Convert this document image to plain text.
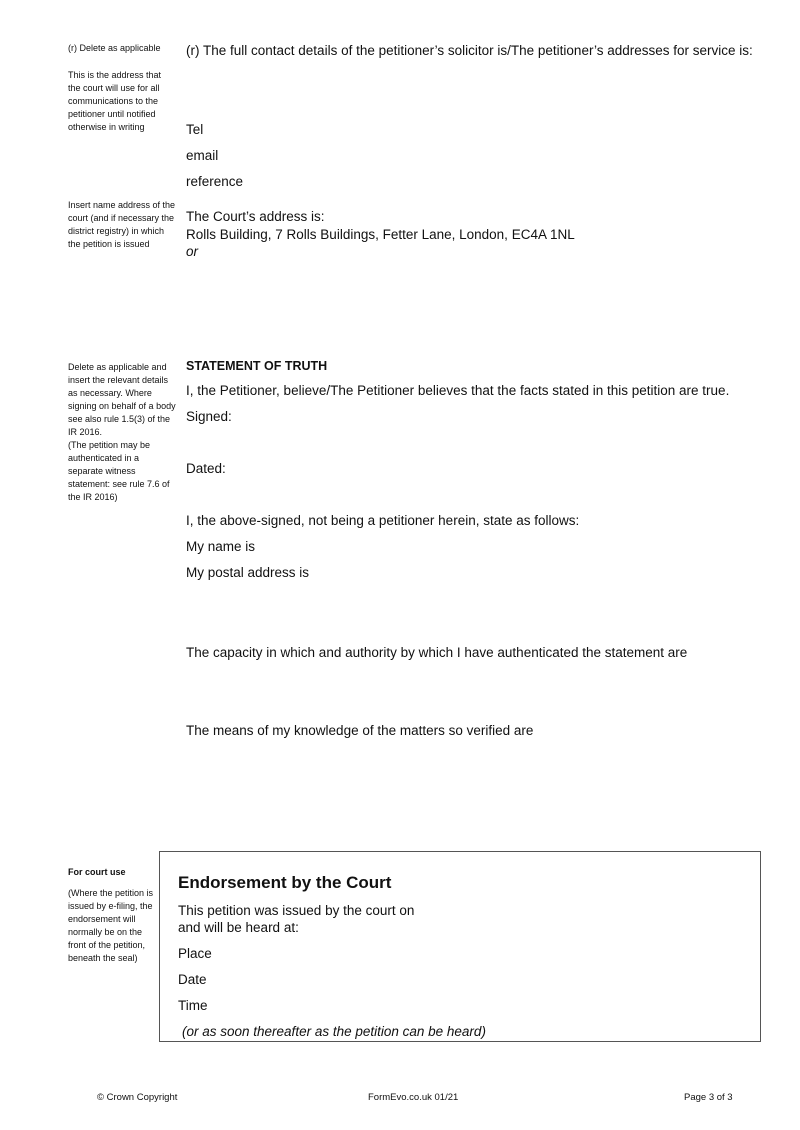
(r) Delete as applicable
This is the address that the court will use for all communications to the petitioner until notified otherwise in writing
(r) The full contact details of the petitioner’s solicitor is/The petitioner’s addresses for service is:
Tel
email
reference
Insert name address of the court (and if necessary the district registry) in which the petition is issued
The Court’s address is:
Rolls Building, 7 Rolls Buildings, Fetter Lane, London, EC4A 1NL
or
Delete as applicable and insert the relevant details as necessary. Where signing on behalf of a body see also rule 1.5(3) of the IR 2016.
(The petition may be authenticated in a separate witness statement: see rule 7.6 of the IR 2016)
STATEMENT OF TRUTH
I, the Petitioner, believe/The Petitioner believes that the facts stated in this petition are true.
Signed:
Dated:
I, the above-signed, not being a petitioner herein, state as follows:
My name is
My postal address is
The capacity in which and authority by which I have authenticated the statement are
The means of my knowledge of the matters so verified are
For court use
(Where the petition is issued by e-filing, the endorsement will normally be on the front of the petition, beneath the seal)
Endorsement by the Court
This petition was issued by the court on
and will be heard at:
Place
Date
Time
(or as soon thereafter as the petition can be heard)
© Crown Copyright	FormEvo.co.uk 01/21	Page 3 of 3
